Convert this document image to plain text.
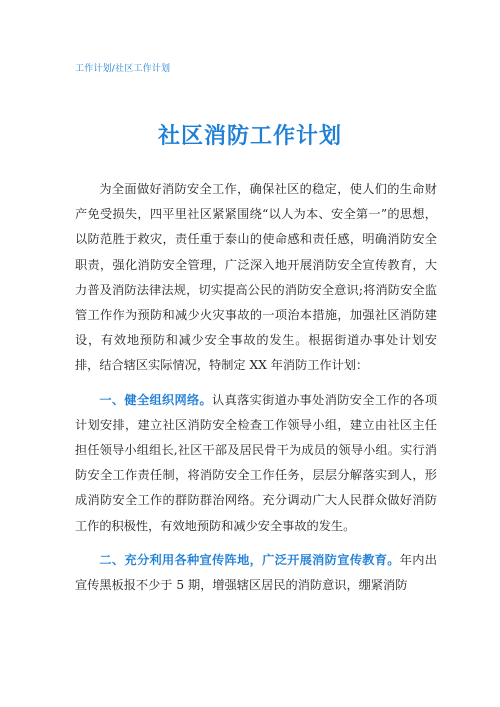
工作计划/社区工作计划
社区消防工作计划

为全面做好消防安全工作，确保社区的稳定，使人们的生命财产免受损失，四平里社区紧紧围绕“以人为本、安全第一”的思想，以防范胜于救灾，责任重于泰山的使命感和责任感，明确消防安全职责，强化消防安全管理，广泛深入地开展消防安全宣传教育，大力普及消防法律法规，切实提高公民的消防安全意识;将消防安全监管工作作为预防和减少火灾事故的一项治本措施，加强社区消防建设，有效地预防和减少安全事故的发生。根据街道办事处计划安排，结合辖区实际情况，特制定 XX 年消防工作计划：

一、健全组织网络。认真落实街道办事处消防安全工作的各项计划安排，建立社区消防安全检查工作领导小组，建立由社区主任担任领导小组组长,社区干部及居民骨干为成员的领导小组。实行消防安全工作责任制，将消防安全工作任务，层层分解落实到人，形成消防安全工作的群防群治网络。充分调动广大人民群众做好消防工作的积极性，有效地预防和减少安全事故的发生。

二、充分利用各种宣传阵地，广泛开展消防宣传教育。年内出宣传黑板报不少于 5 期，增强辖区居民的消防意识，绷紧消防
